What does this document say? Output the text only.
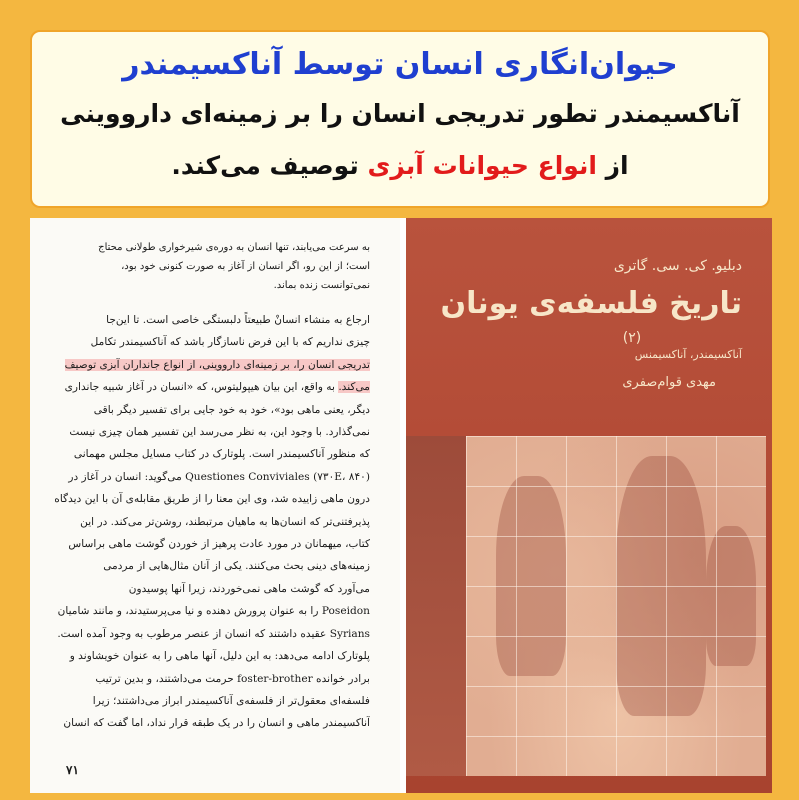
حیوان‌انگاری انسان توسط آناکسیمندر
آناکسیمندر تطور تدریجی انسان را بر زمینه‌ای دارووینی
از انواع حیوانات آبزی توصیف می‌کند.
به سرعت می‌یابند، تنها انسان به دوره‌ی شیرخواری طولانی محتاج
است؛ از این رو، اگر انسان از آغاز به صورت کنونی خود بود،
نمی‌توانست زنده بماند.
ارجاع به منشاء انسانْ طبیعتاً دلبستگی خاصی است. تا این‌جا
چیزی نداریم که با این فرض ناسازگار باشد که آناکسیمندر تکامل
تدریجی انسان را، بر زمینه‌ای دارووینی، از انواع جانداران آبزی توصیف
می‌کند. به واقع، این بیان هیپولیتوس، که «انسان در آغاز شبیه جانداری
دیگر، یعنی ماهی بود»، خود به خود جایی برای تفسیر دیگر باقی
نمی‌گذارد. با وجود این، به نظر می‌رسد این تفسیر همان چیزی نیست
که منظور آناکسیمندر است. پلوتارک در کتاب مسایل مجلس مهمانی
Questiones Conviviales (۷۳۰E، ۸۴۰) می‌گوید: انسان در آغاز در
درون ماهی زاییده شد، وی این معنا را از طریق مقابله‌ی آن با این دیدگاه
پذیرفتنی‌تر که انسان‌ها به ماهیان مرتبطند، روشن‌تر می‌کند. در این
کتاب، میهمانان در مورد عادت پرهیز از خوردن گوشت ماهی براساس
زمینه‌های دینی بحث می‌کنند. یکی از آنان مثال‌هایی از مردمی
می‌آورد که گوشت ماهی نمی‌خوردند، زیرا آنها پوسیدون
Poseidon را به عنوان پرورش دهنده و نیا می‌پرستیدند، و مانند شامیان
Syrians عقیده داشتند که انسان از عنصر مرطوب به وجود آمده است.
پلوتارک ادامه می‌دهد: به این دلیل، آنها ماهی را به عنوان خویشاوند و
برادر خوانده foster-brother حرمت می‌داشتند، و بدین ترتیب
فلسفه‌ای معقول‌تر از فلسفه‌ی آناکسیمندر ابراز می‌داشتند؛ زیرا
آناکسیمندر ماهی و انسان را در یک طبقه قرار نداد، اما گفت که انسان
۷۱
دبلیو. کی. سی. گاتری
تاریخ فلسفه‌ی یونان
(۲)
آناکسیمندر، آناکسیمنس
مهدی قوام‌صفری
